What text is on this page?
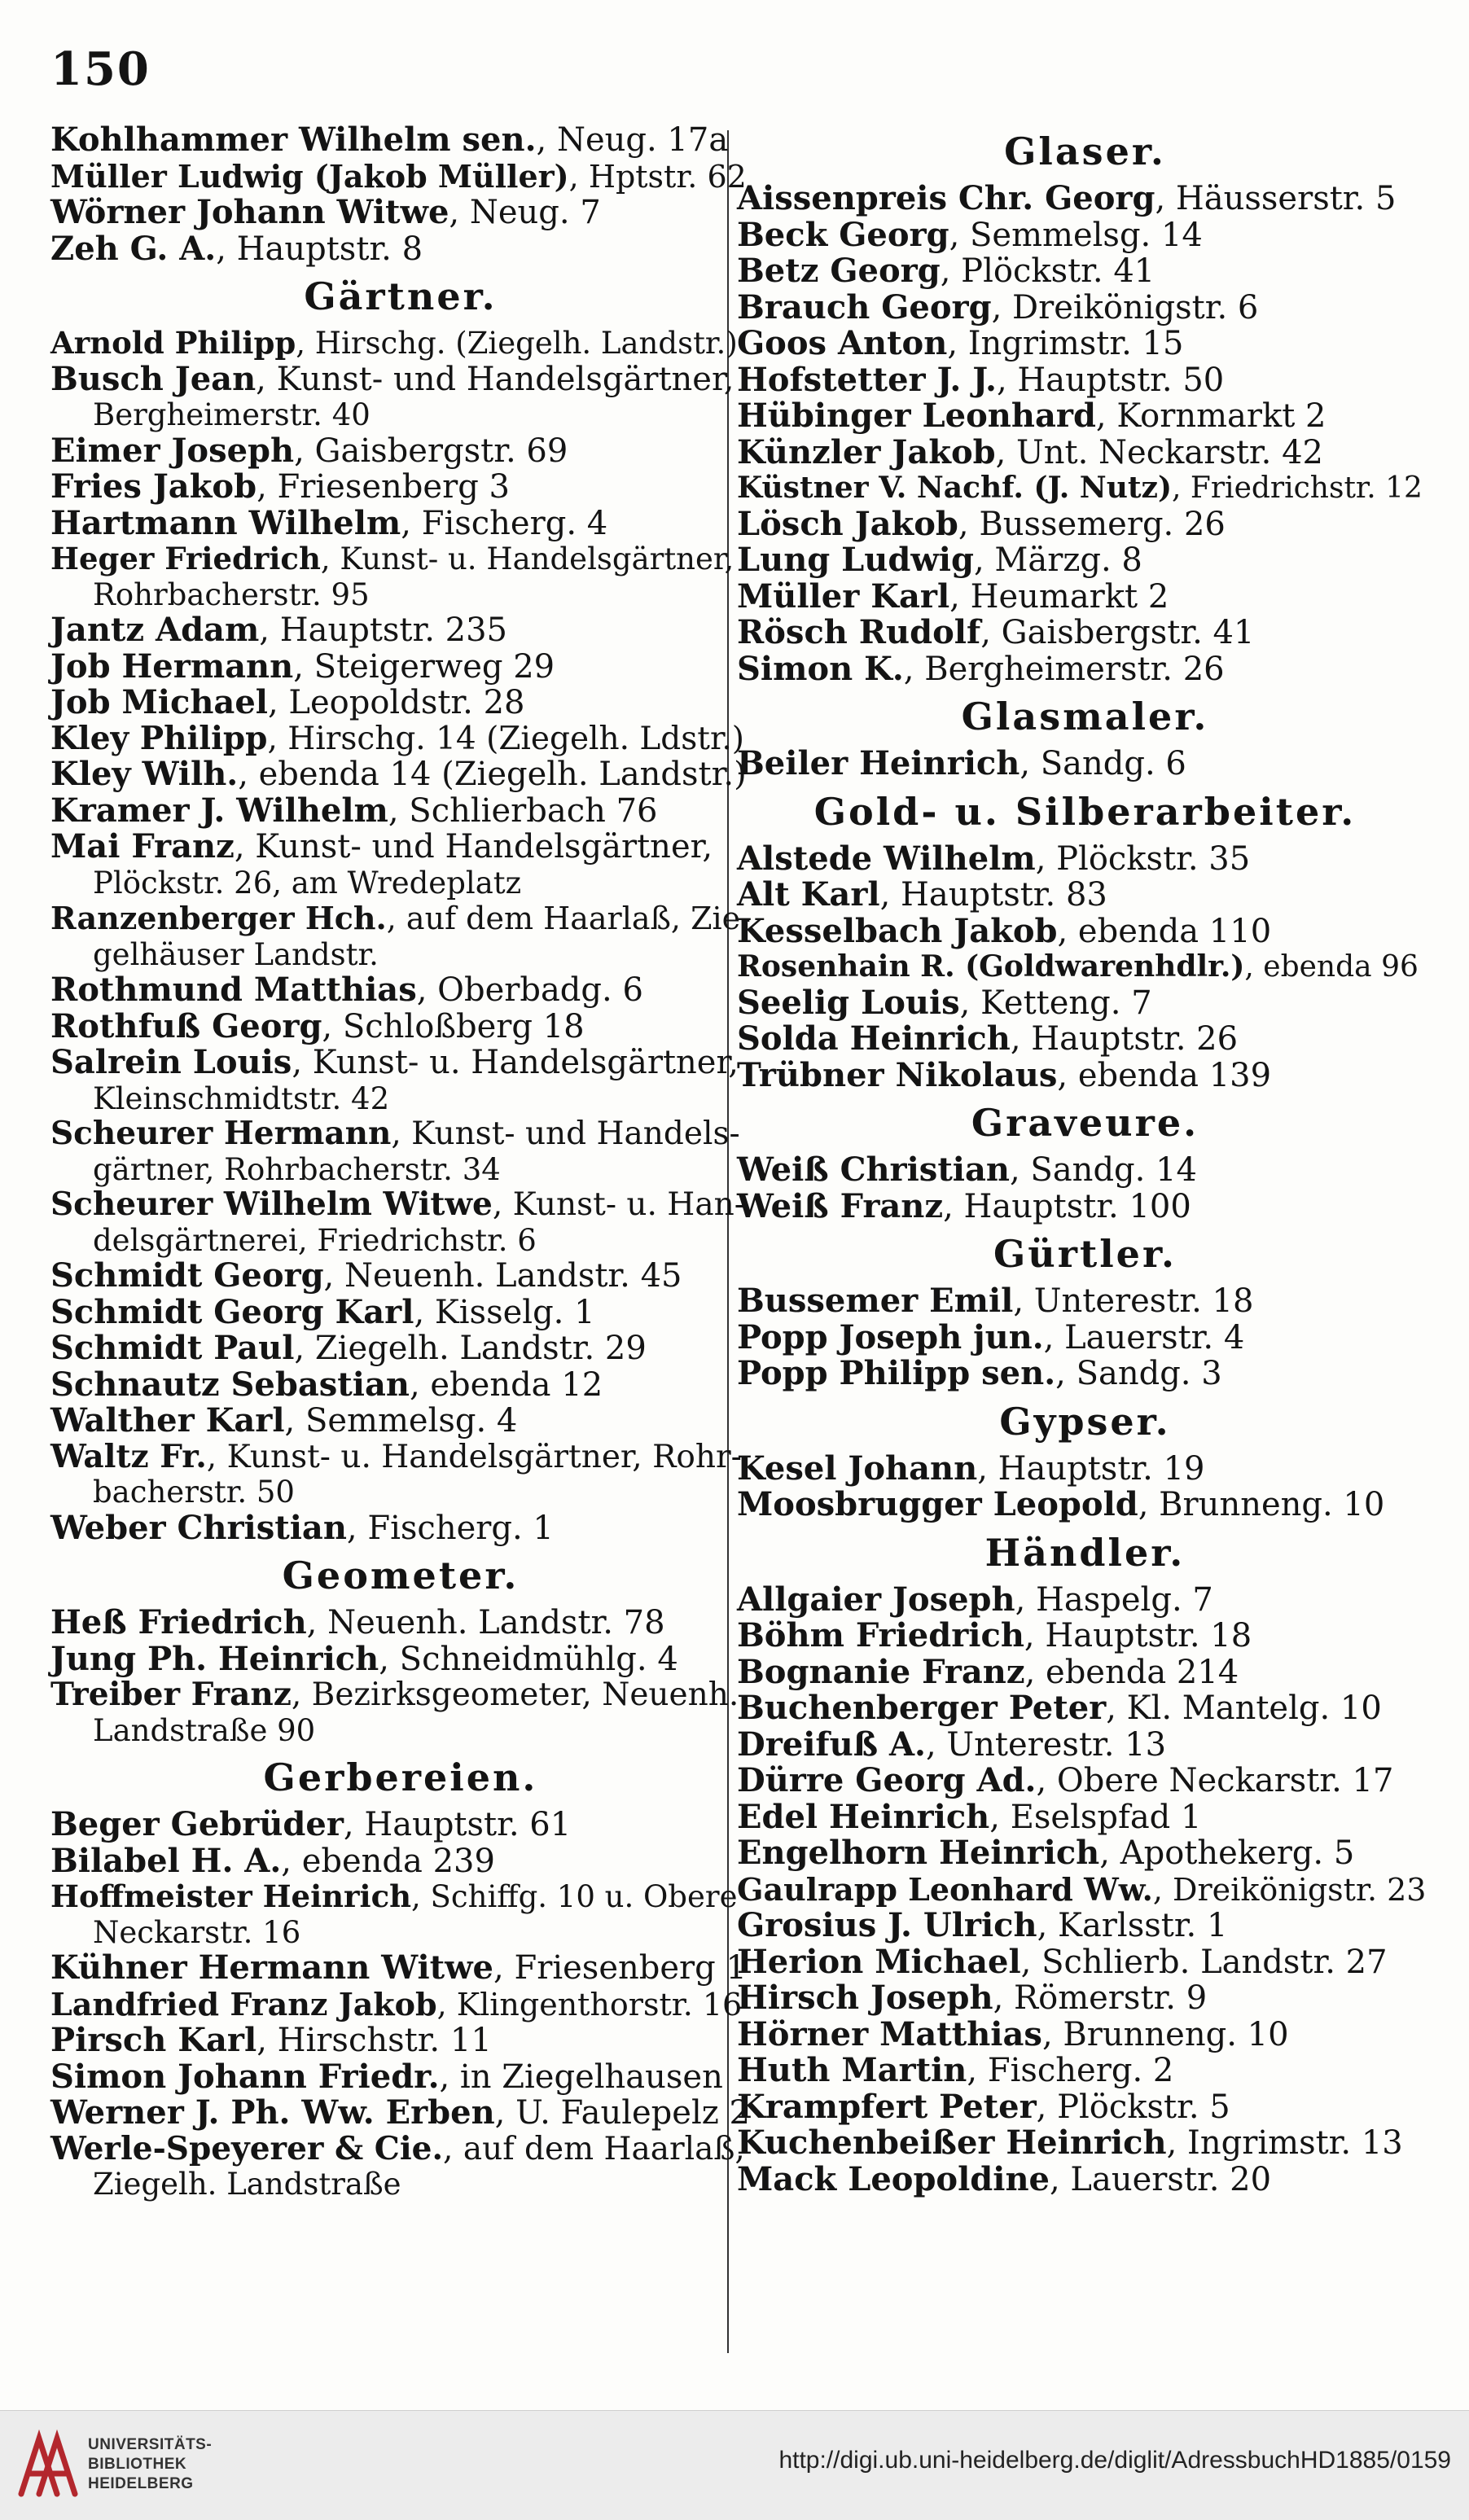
150
Kohlhammer Wilhelm sen., Neug. 17a
Müller Ludwig (Jakob Müller), Hptstr. 62
Wörner Johann Witwe, Neug. 7
Zeh G. A., Hauptstr. 8
Gärtner.
Arnold Philipp, Hirschg. (Ziegelh. Landstr.)
Busch Jean, Kunst- und Handelsgärtner,
Bergheimerstr. 40
Eimer Joseph, Gaisbergstr. 69
Fries Jakob, Friesenberg 3
Hartmann Wilhelm, Fischerg. 4
Heger Friedrich, Kunst- u. Handelsgärtner,
Rohrbacherstr. 95
Jantz Adam, Hauptstr. 235
Job Hermann, Steigerweg 29
Job Michael, Leopoldstr. 28
Kley Philipp, Hirschg. 14 (Ziegelh. Ldstr.)
Kley Wilh., ebenda 14 (Ziegelh. Landstr.)
Kramer J. Wilhelm, Schlierbach 76
Mai Franz, Kunst- und Handelsgärtner,
Plöckstr. 26, am Wredeplatz
Ranzenberger Hch., auf dem Haarlaß, Zie-
gelhäuser Landstr.
Rothmund Matthias, Oberbadg. 6
Rothfuß Georg, Schloßberg 18
Salrein Louis, Kunst- u. Handelsgärtner,
Kleinschmidtstr. 42
Scheurer Hermann, Kunst- und Handels-
gärtner, Rohrbacherstr. 34
Scheurer Wilhelm Witwe, Kunst- u. Han-
delsgärtnerei, Friedrichstr. 6
Schmidt Georg, Neuenh. Landstr. 45
Schmidt Georg Karl, Kisselg. 1
Schmidt Paul, Ziegelh. Landstr. 29
Schnautz Sebastian, ebenda 12
Walther Karl, Semmelsg. 4
Waltz Fr., Kunst- u. Handelsgärtner, Rohr-
bacherstr. 50
Weber Christian, Fischerg. 1
Geometer.
Heß Friedrich, Neuenh. Landstr. 78
Jung Ph. Heinrich, Schneidmühlg. 4
Treiber Franz, Bezirksgeometer, Neuenh.
Landstraße 90
Gerbereien.
Beger Gebrüder, Hauptstr. 61
Bilabel H. A., ebenda 239
Hoffmeister Heinrich, Schiffg. 10 u. Obere
Neckarstr. 16
Kühner Hermann Witwe, Friesenberg 1
Landfried Franz Jakob, Klingenthorstr. 16
Pirsch Karl, Hirschstr. 11
Simon Johann Friedr., in Ziegelhausen
Werner J. Ph. Ww. Erben, U. Faulepelz 2
Werle-Speyerer & Cie., auf dem Haarlaß,
Ziegelh. Landstraße
Glaser.
Aissenpreis Chr. Georg, Häusserstr. 5
Beck Georg, Semmelsg. 14
Betz Georg, Plöckstr. 41
Brauch Georg, Dreikönigstr. 6
Goos Anton, Ingrimstr. 15
Hofstetter J. J., Hauptstr. 50
Hübinger Leonhard, Kornmarkt 2
Künzler Jakob, Unt. Neckarstr. 42
Küstner V. Nachf. (J. Nutz), Friedrichstr. 12
Lösch Jakob, Bussemerg. 26
Lung Ludwig, Märzg. 8
Müller Karl, Heumarkt 2
Rösch Rudolf, Gaisbergstr. 41
Simon K., Bergheimerstr. 26
Glasmaler.
Beiler Heinrich, Sandg. 6
Gold- u. Silberarbeiter.
Alstede Wilhelm, Plöckstr. 35
Alt Karl, Hauptstr. 83
Kesselbach Jakob, ebenda 110
Rosenhain R. (Goldwarenhdlr.), ebenda 96
Seelig Louis, Ketteng. 7
Solda Heinrich, Hauptstr. 26
Trübner Nikolaus, ebenda 139
Graveure.
Weiß Christian, Sandg. 14
Weiß Franz, Hauptstr. 100
Gürtler.
Bussemer Emil, Unterestr. 18
Popp Joseph jun., Lauerstr. 4
Popp Philipp sen., Sandg. 3
Gypser.
Kesel Johann, Hauptstr. 19
Moosbrugger Leopold, Brunneng. 10
Händler.
Allgaier Joseph, Haspelg. 7
Böhm Friedrich, Hauptstr. 18
Bognanie Franz, ebenda 214
Buchenberger Peter, Kl. Mantelg. 10
Dreifuß A., Unterestr. 13
Dürre Georg Ad., Obere Neckarstr. 17
Edel Heinrich, Eselspfad 1
Engelhorn Heinrich, Apothekerg. 5
Gaulrapp Leonhard Ww., Dreikönigstr. 23
Grosius J. Ulrich, Karlsstr. 1
Herion Michael, Schlierb. Landstr. 27
Hirsch Joseph, Römerstr. 9
Hörner Matthias, Brunneng. 10
Huth Martin, Fischerg. 2
Krampfert Peter, Plöckstr. 5
Kuchenbeißer Heinrich, Ingrimstr. 13
Mack Leopoldine, Lauerstr. 20
UNIVERSITÄTS-
BIBLIOTHEK
HEIDELBERG
http://digi.ub.uni-heidelberg.de/diglit/AdressbuchHD1885/0159
